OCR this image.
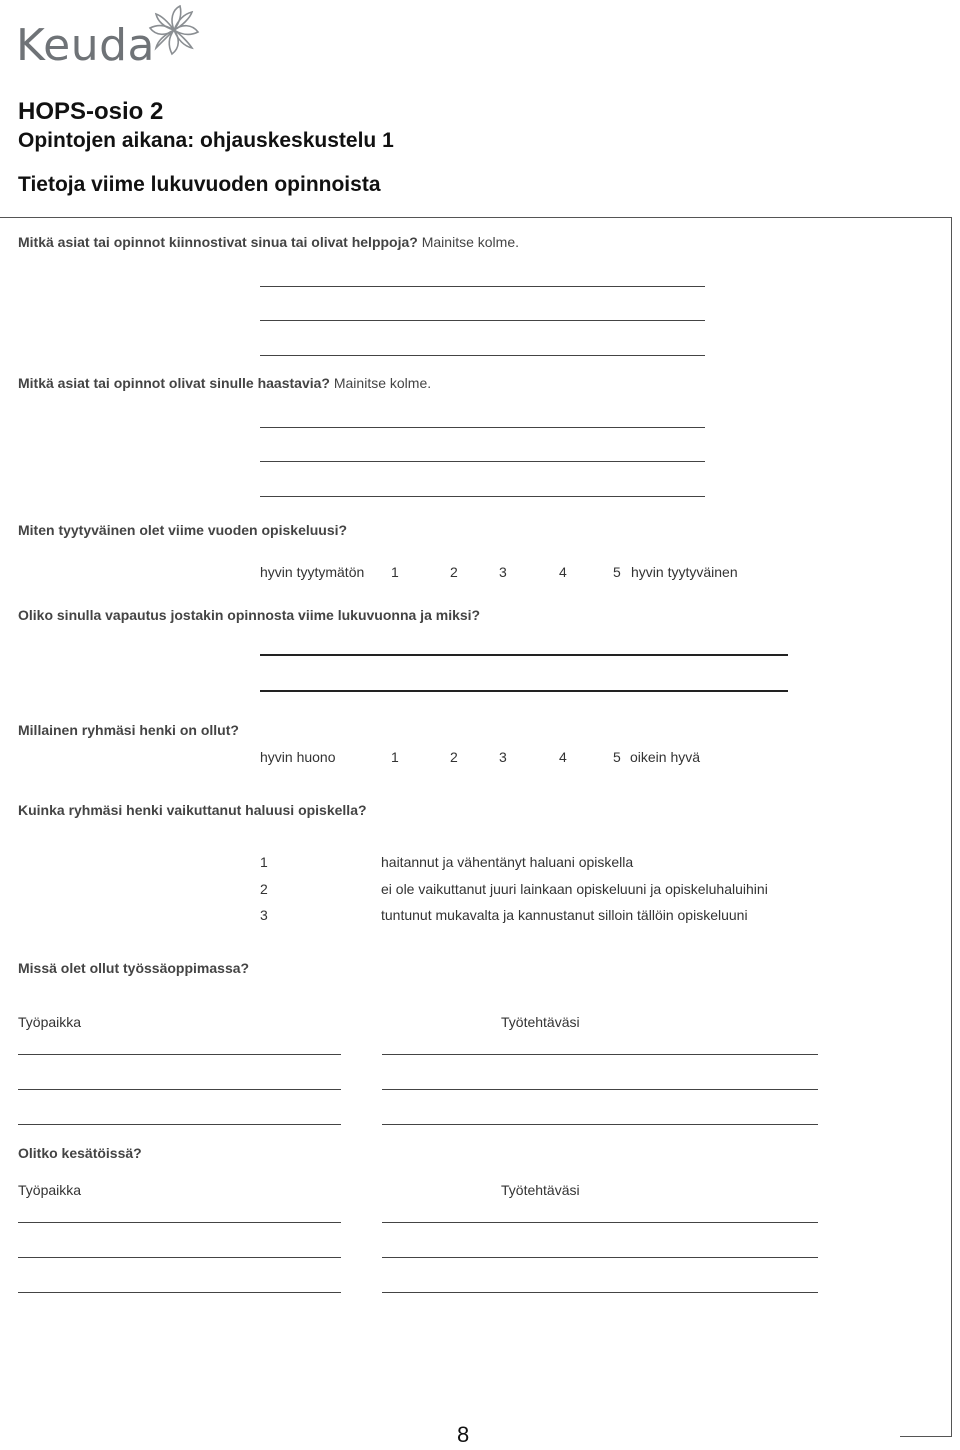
Keuda
HOPS-osio 2
Opintojen aikana: ohjauskeskustelu 1
Tietoja viime lukuvuoden opinnoista
Mitkä asiat tai opinnot kiinnostivat sinua tai olivat helppoja? Mainitse kolme.
Mitkä asiat tai opinnot olivat sinulle haastavia? Mainitse kolme.
Miten tyytyväinen olet viime vuoden opiskeluusi?
hyvin tyytymätön 1	2	3	4	5 hyvin tyytyväinen
Oliko sinulla vapautus jostakin opinnosta viime lukuvuonna ja miksi?
Millainen ryhmäsi henki on ollut?
hyvin huono	1	2	3	4	5 oikein hyvä
Kuinka ryhmäsi henki vaikuttanut haluusi opiskella?
1	haitannut ja vähentänyt haluani opiskella
2	ei ole vaikuttanut juuri lainkaan opiskeluuni ja opiskeluhaluihini
3	tuntunut mukavalta ja kannustanut silloin tällöin opiskeluuni
Missä olet ollut työssäoppimassa?
Työpaikka	Työtehtäväsi
Olitko kesätöissä?
Työpaikka	Työtehtäväsi
8
